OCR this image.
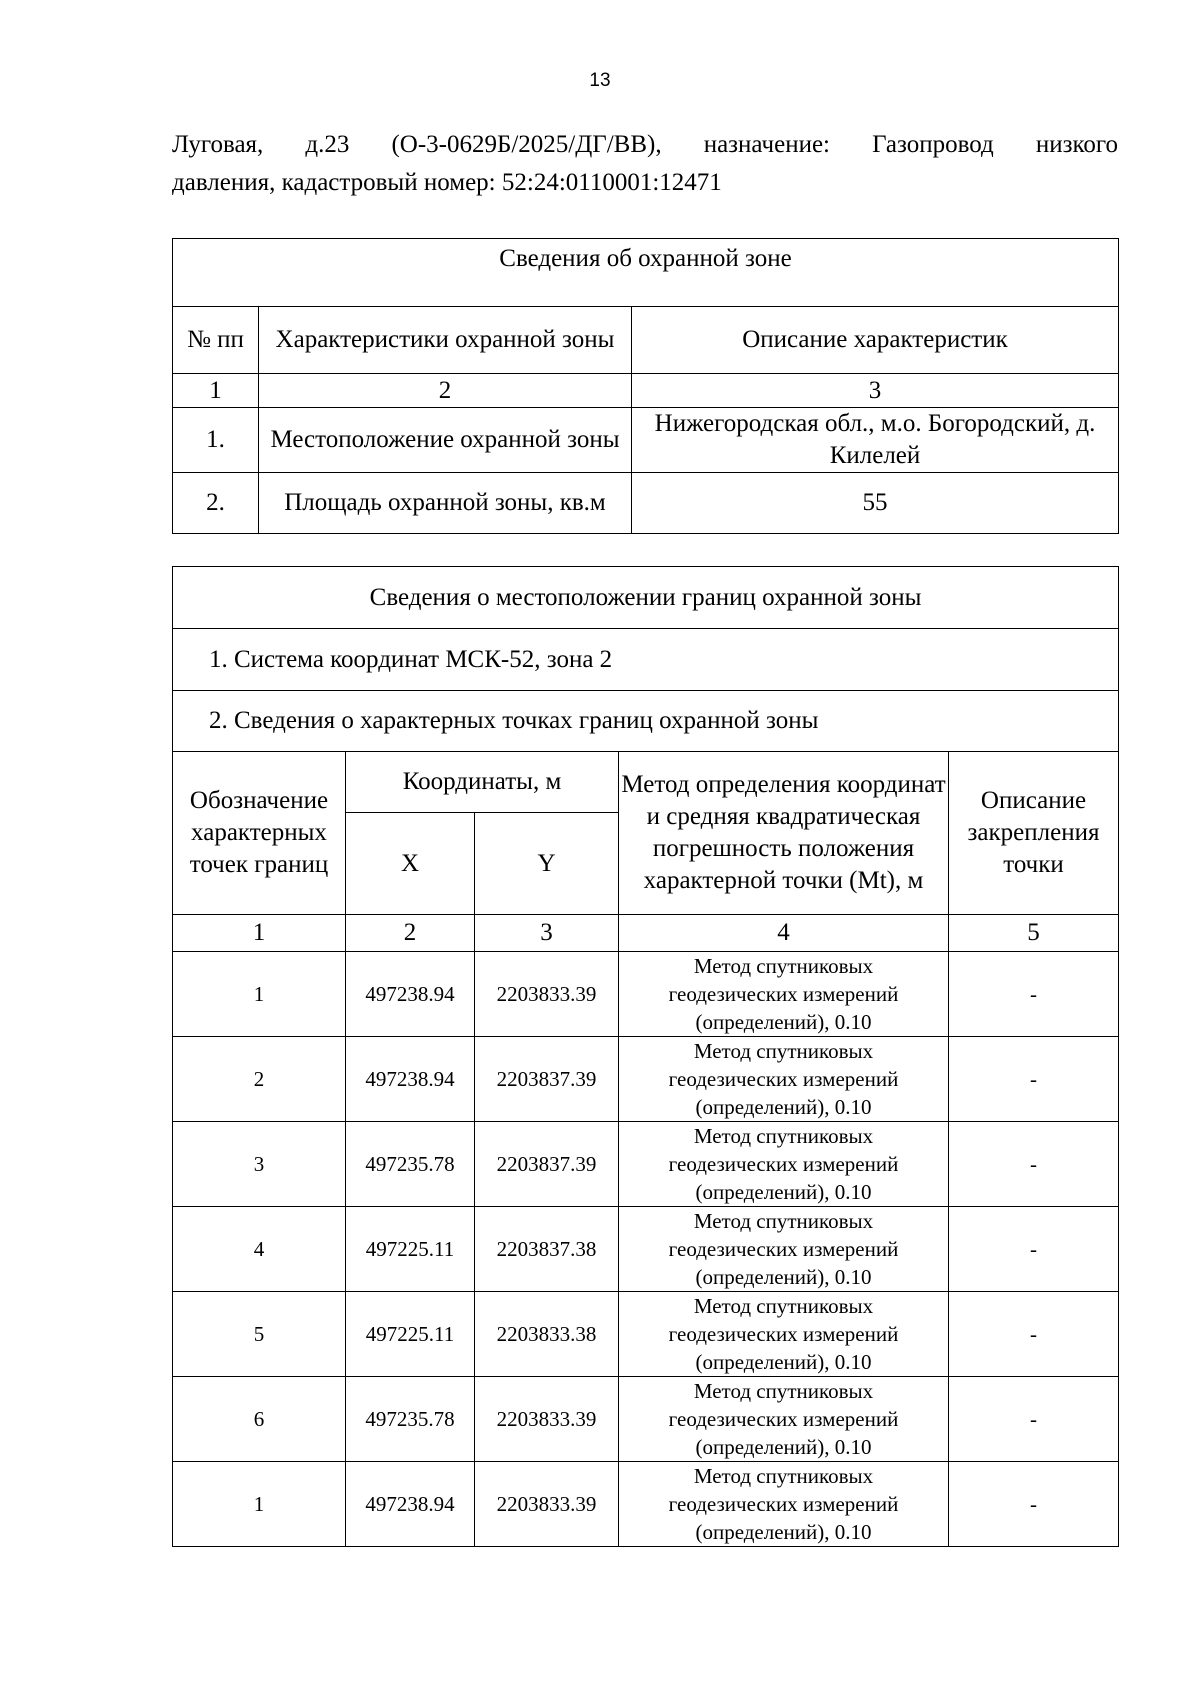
13
Луговая, д.23 (О-3-0629Б/2025/ДГ/ВВ), назначение: Газопровод низкого
давления, кадастровый номер: 52:24:0110001:12471
Сведения об охранной зоне		
№ пп	Характеристики охранной зоны	Описание характеристик
1	2	3
1.	Местоположение охранной зоны	Нижегородская обл., м.о. Богородский, д. Килелей
2.	Площадь охранной зоны, кв.м	55
Сведения о местоположении границ охранной зоны				
1. Система координат МСК-52, зона 2				
2. Сведения о характерных точках границ охранной зоны				
Обозначение характерных точек границ	Координаты, м		Метод определения координат и средняя квадратическая погрешность положения характерной точки (Mt), м	Описание закрепления точки
	X	Y		
1	2	3	4	5
1	497238.94	2203833.39	Метод спутниковых
геодезических измерений
(определений), 0.10	-
2	497238.94	2203837.39	Метод спутниковых
геодезических измерений
(определений), 0.10	-
3	497235.78	2203837.39	Метод спутниковых
геодезических измерений
(определений), 0.10	-
4	497225.11	2203837.38	Метод спутниковых
геодезических измерений
(определений), 0.10	-
5	497225.11	2203833.38	Метод спутниковых
геодезических измерений
(определений), 0.10	-
6	497235.78	2203833.39	Метод спутниковых
геодезических измерений
(определений), 0.10	-
1	497238.94	2203833.39	Метод спутниковых
геодезических измерений
(определений), 0.10	-
